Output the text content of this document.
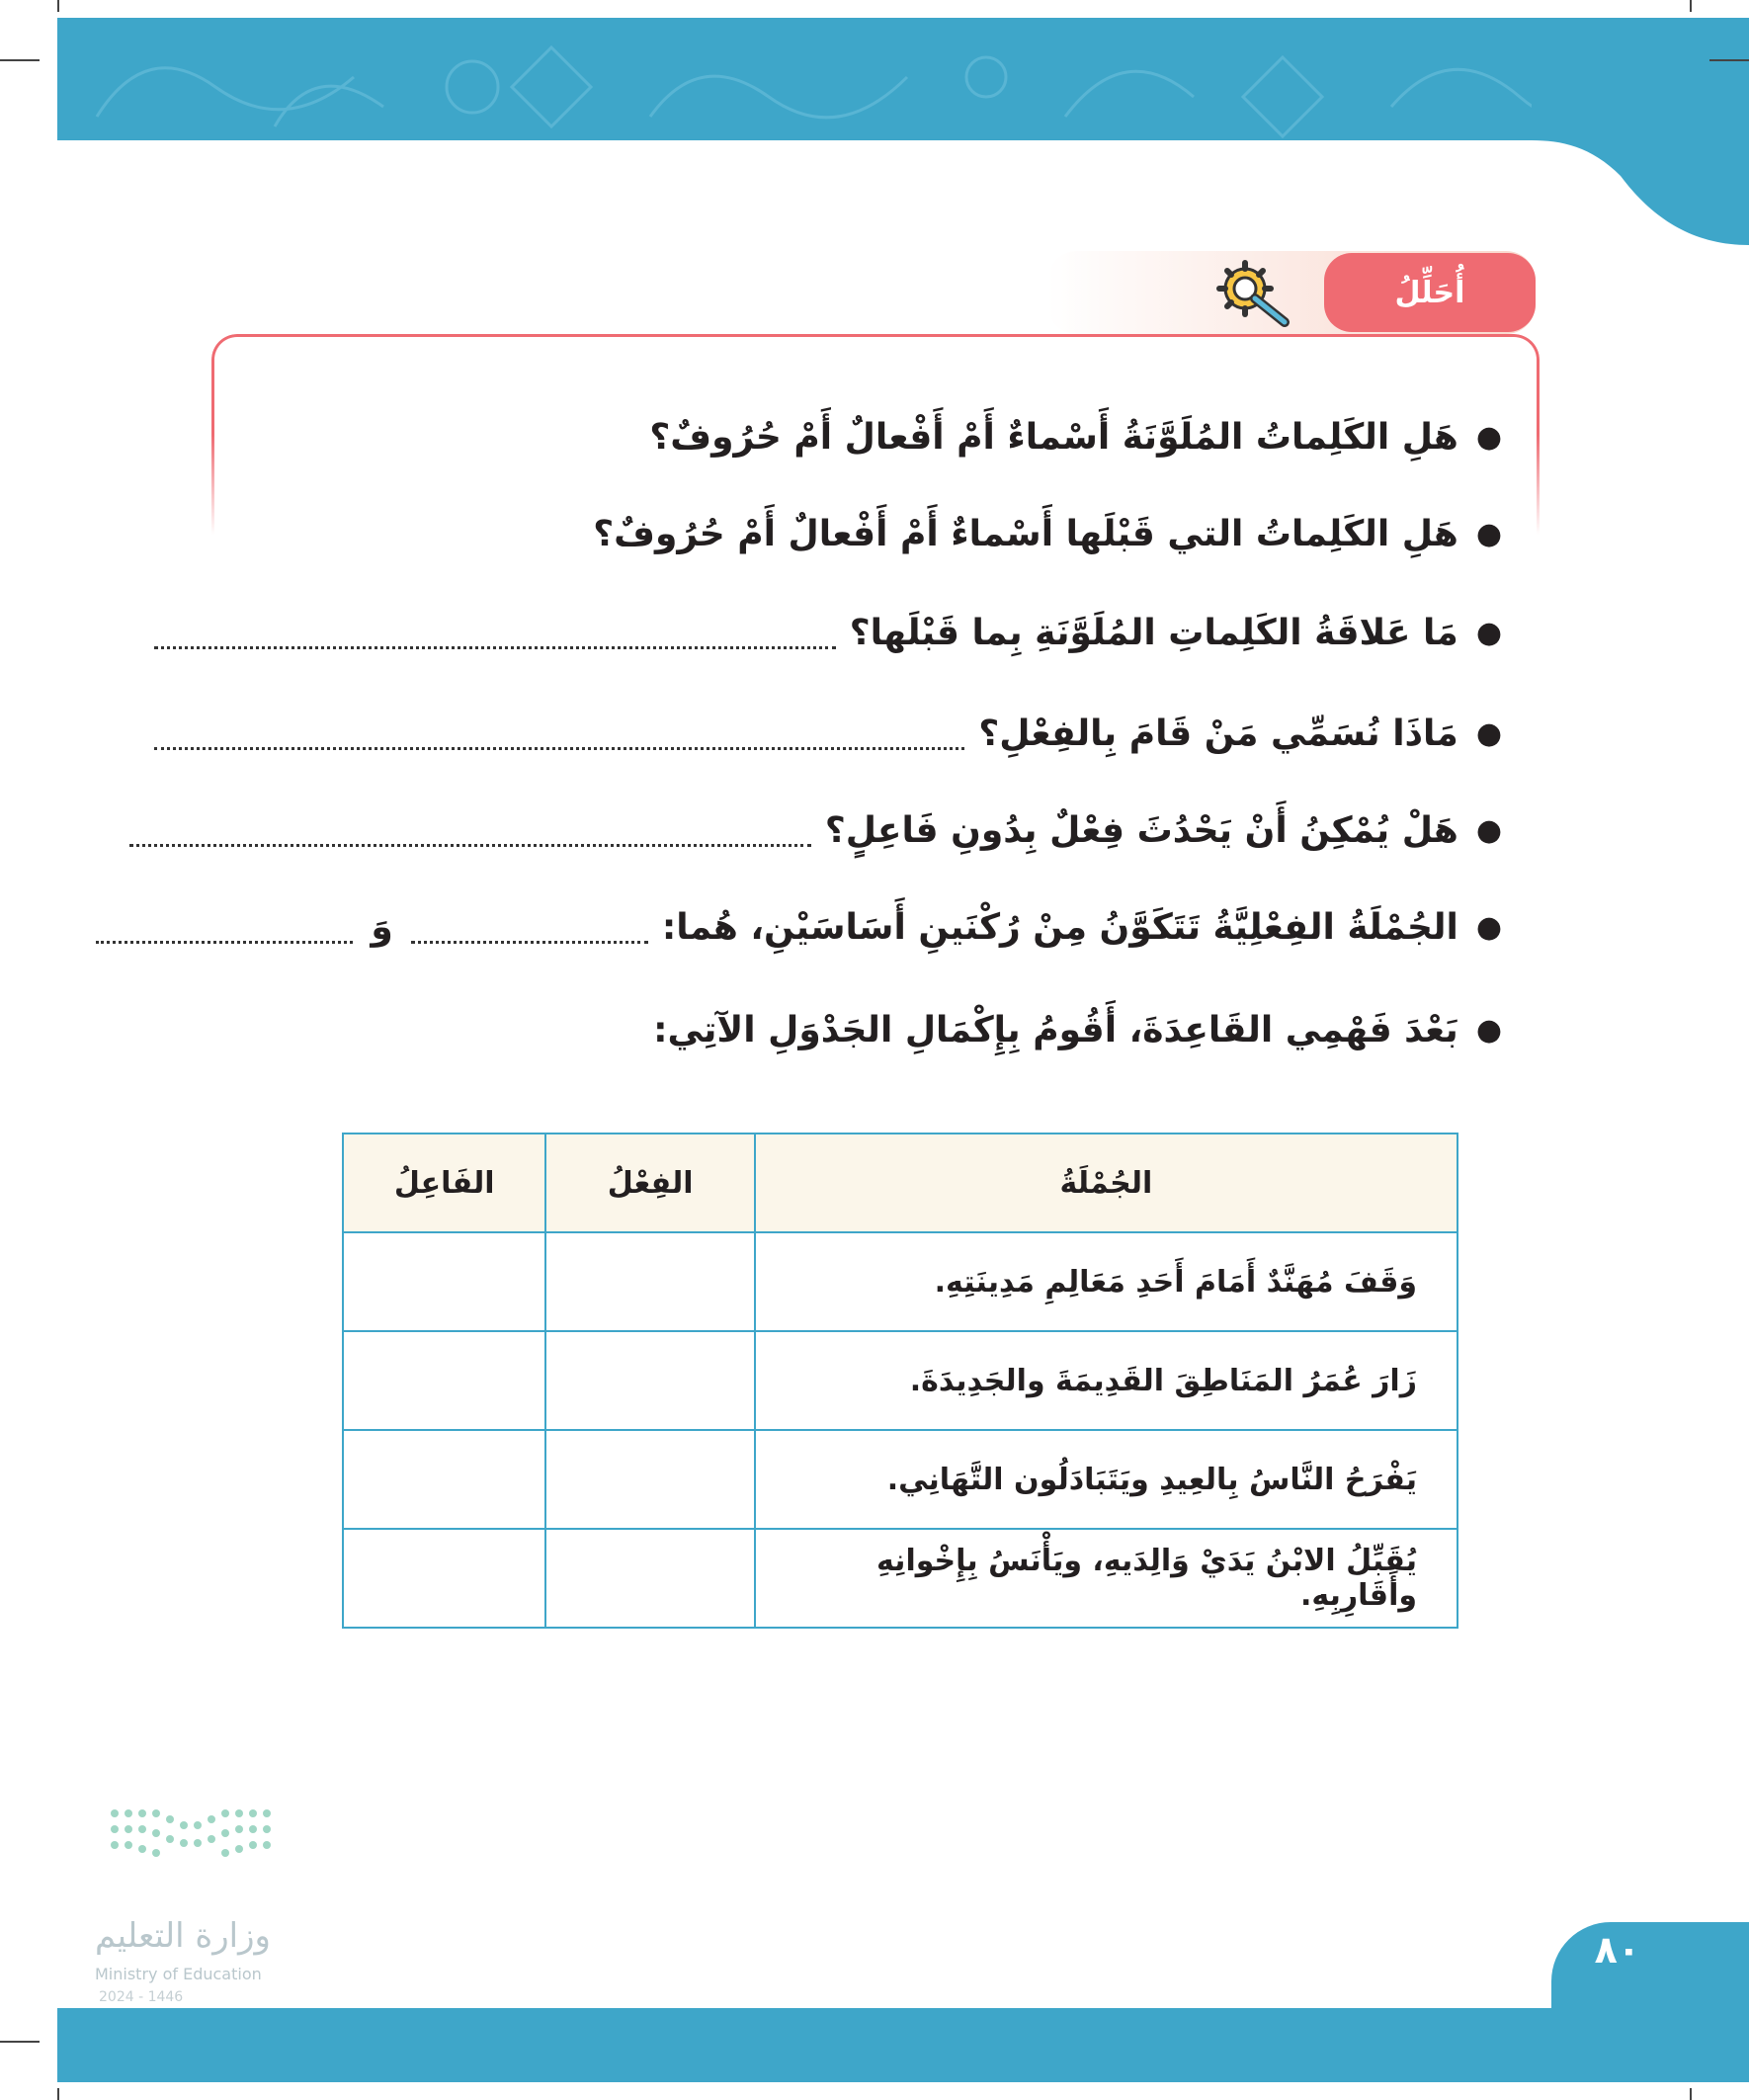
أُحَلِّلُ
●
هَلِ الكَلِماتُ المُلَوَّنَةُ أَسْماءٌ أَمْ أَفْعالٌ أَمْ حُرُوفٌ؟
●
هَلِ الكَلِماتُ التي قَبْلَها أَسْماءٌ أَمْ أَفْعالٌ أَمْ حُرُوفٌ؟
●
مَا عَلاقَةُ الكَلِماتِ المُلَوَّنَةِ بِما قَبْلَها؟
●
مَاذَا نُسَمِّي مَنْ قَامَ بِالفِعْلِ؟
●
هَلْ يُمْكِنُ أَنْ يَحْدُثَ فِعْلٌ بِدُونِ فَاعِلٍ؟
●
الجُمْلَةُ الفِعْلِيَّةُ تَتَكَوَّنُ مِنْ رُكْنَينِ أَسَاسَيْنِ، هُما:
وَ
●
بَعْدَ فَهْمِي القَاعِدَةَ، أَقُومُ بِإِكْمَالِ الجَدْوَلِ الآتِي:
الجُمْلَةُ	الفِعْلُ	الفَاعِلُ
وَقَفَ مُهَنَّدٌ أَمَامَ أَحَدِ مَعَالِمِ مَدِينَتِهِ.		
زَارَ عُمَرُ المَنَاطِقَ القَدِيمَةَ والجَدِيدَةَ.		
يَفْرَحُ النَّاسُ بِالعِيدِ ويَتَبَادَلُون التَّهَانِي.		
يُقَبِّلُ الابْنُ يَدَيْ وَالِدَيهِ، ويَأْنَسُ بِإِخْوانِهِ وأَقَارِبِهِ.		
وزارة التعليم
Ministry of Education
2024 - 1446
٨٠
